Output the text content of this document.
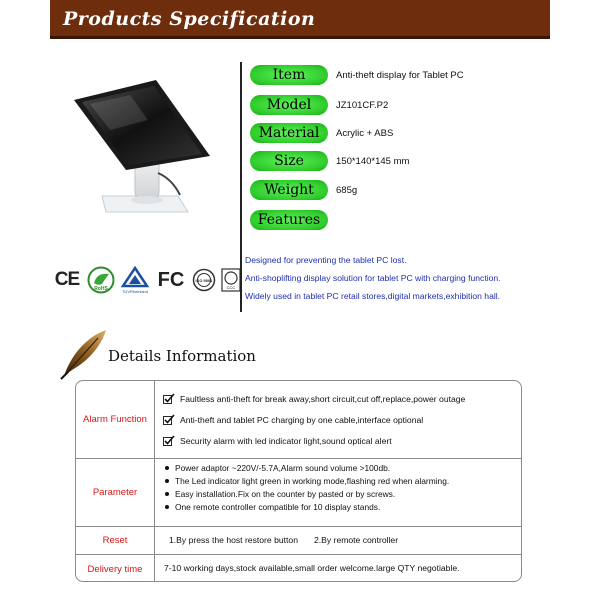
Products Specification
CE	RoHS	TÜVRheinland
FC	ISO 9001
CCC
Item	Anti-theft display for Tablet PC
Model	JZ101CF.P2
Material	Acrylic + ABS
Size	150*140*145 mm
Weight	685g
Features
Designed for preventing the tablet PC lost.
Anti-shoplifting display solution for tablet PC with charging function.
Widely used in tablet PC retail stores,digital markets,exhibition hall.
Details Information
Alarm Function
Faultless anti-theft for break away,short circuit,cut off,replace,power outage
Anti-theft and tablet PC charging by one cable,interface optional
Security alarm with led indicator light,sound optical alert
Parameter
Power adaptor ~220V/-5.7A,Alarm sound volume >100db.
The Led indicator light green in working mode,flashing red when alarming.
Easy installation.Fix on the counter by pasted or by screws.
One remote controller compatible for 10 display stands.
Reset	1.By press the host restore button 2.By remote controller
Delivery time	7-10 working days,stock available,small order welcome.large QTY negotiable.
